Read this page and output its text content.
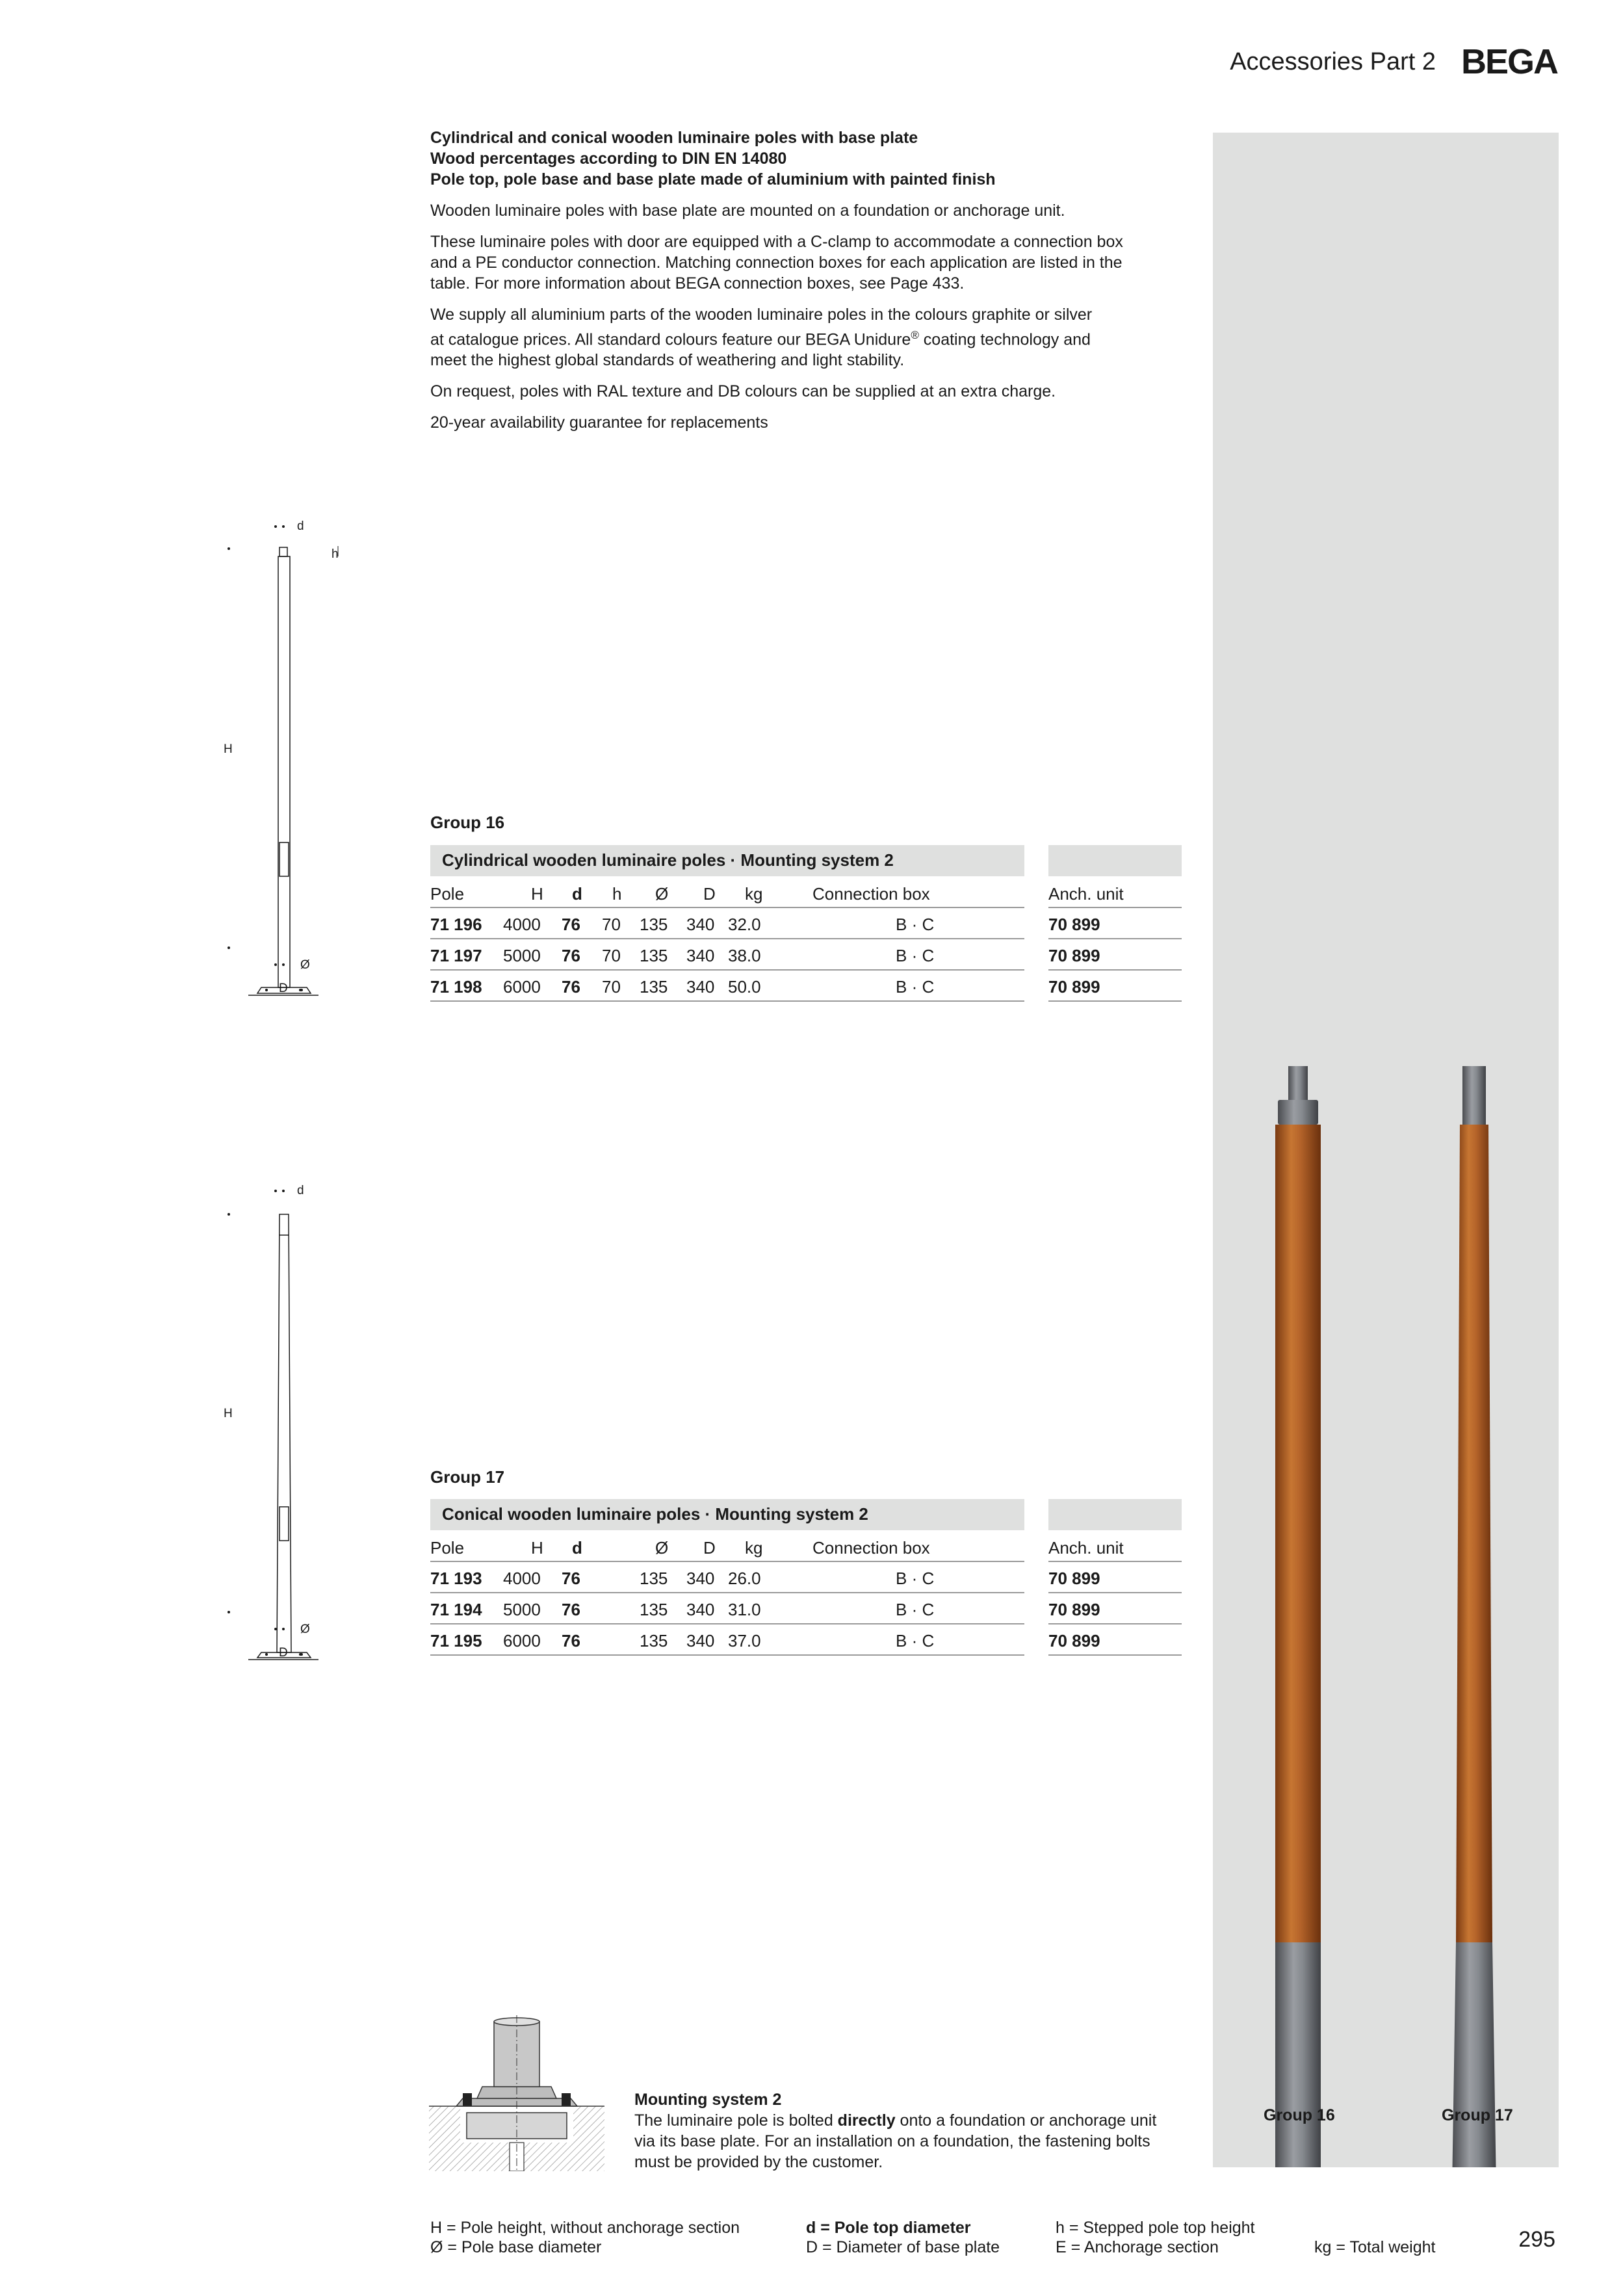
Accessories Part 2 BEGA
Cylindrical and conical wooden luminaire poles with base plate
Wood percentages according to DIN EN 14080
Pole top, pole base and base plate made of aluminium with painted finish

Wooden luminaire poles with base plate are mounted on a foundation or anchorage unit.

These luminaire poles with door are equipped with a C-clamp to accommodate a connection box
and a PE conductor connection. Matching connection boxes for each application are listed in the
table. For more information about BEGA connection boxes, see Page 433.

We supply all aluminium parts of the wooden luminaire poles in the colours graphite or silver
at catalogue prices. All standard colours feature our BEGA Unidure® coating technology and
meet the highest global standards of weathering and light stability.

On request, poles with RAL texture and DB colours can be supplied at an extra charge.

20-year availability guarantee for replacements

Group 16	Group 17
d
h
H
Ø
D
Group 16
Cylindrical wooden luminaire poles · Mounting system 2
Pole	H d h Ø D kg	Connection box	Anch. unit
71 196 4000 76 70 135 340 32.0	B · C	70 899
71 197 5000 76 70 135 340 38.0	B · C	70 899
71 198 6000 76 70 135 340 50.0	B · C	70 899
d
H
Ø
D
Group 17
Conical wooden luminaire poles · Mounting system 2
Pole	H d	Ø D kg	Connection box	Anch. unit
71 193 4000 76	135 340 26.0	B · C	70 899
71 194 5000 76	135 340 31.0	B · C	70 899
71 195 6000 76	135 340 37.0	B · C	70 899
Mounting system 2
The luminaire pole is bolted directly onto a foundation or anchorage unit
via its base plate. For an installation on a foundation, the fastening bolts
must be provided by the customer.
H = Pole height, without anchorage section
Ø = Pole base diameter
d = Pole top diameter
D = Diameter of base plate
h = Stepped pole top height
E = Anchorage section	kg = Total weight	295
